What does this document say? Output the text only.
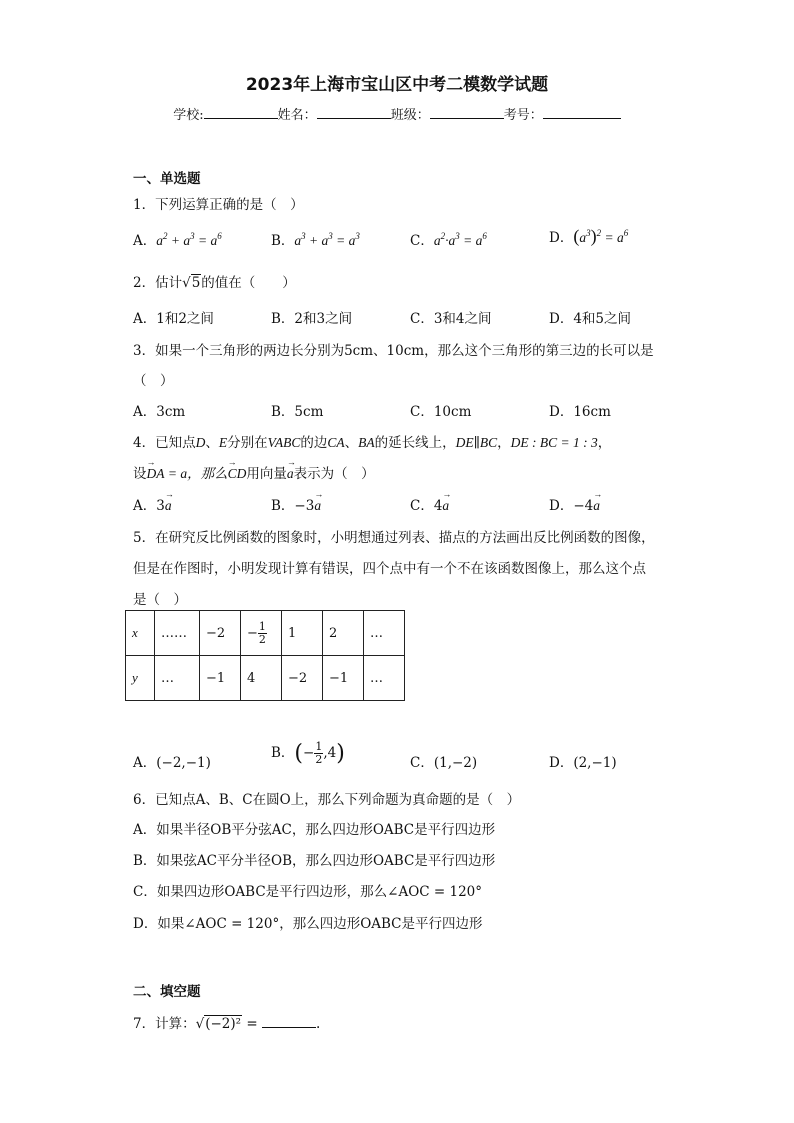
2023年上海市宝山区中考二模数学试题
学校:	姓名：	班级：	考号：
一、单选题
1．下列运算正确的是（　）
A．$a^2 + a^3 = a^6$	B．$a^3 + a^3 = a^3$	C．$a^2\cdot a^3 = a^6$	D．$(a^3)^2 = a^6$
2．估计√5的值在（　　）
A．1和2之间	B．2和3之间	C．3和4之间	D．4和5之间
3．如果一个三角形的两边长分别为5cm、10cm，那么这个三角形的第三边的长可以是
（　）
A．3cm	B．5cm	C．10cm	D．16cm
4．已知点D、E分别在VABC的边CA、BA的延长线上，DE∥BC，DE : BC = 1 : 3，
设→ DA = a，那么→ CD用向量→ a表示为（　）
A．3→ a	B．−3→ a	C．4→ a	D．−4→ a
5．在研究反比例函数的图象时，小明想通过列表、描点的方法画出反比例函数的图像，
但是在作图时，小明发现计算有错误，四个点中有一个不在该函数图像上，那么这个点
是（　）
x	……	−2	− $\frac{1}{2}$	1	2	…
y	…	−1	4	−2	−1	…
A．(−2,−1)
B．(− $\frac{1}{2} ,4$)	C．(1,−2)	D．(2,−1)
6．已知点A、B、C在圆O上，那么下列命题为真命题的是（　）
A．如果半径OB平分弦AC，那么四边形OABC是平行四边形
B．如果弦AC平分半径OB，那么四边形OABC是平行四边形
C．如果四边形OABC是平行四边形，那么∠AOC = 120°
D．如果∠AOC = 120°，那么四边形OABC是平行四边形
二、填空题
7．计算：√(−2)² =	.
